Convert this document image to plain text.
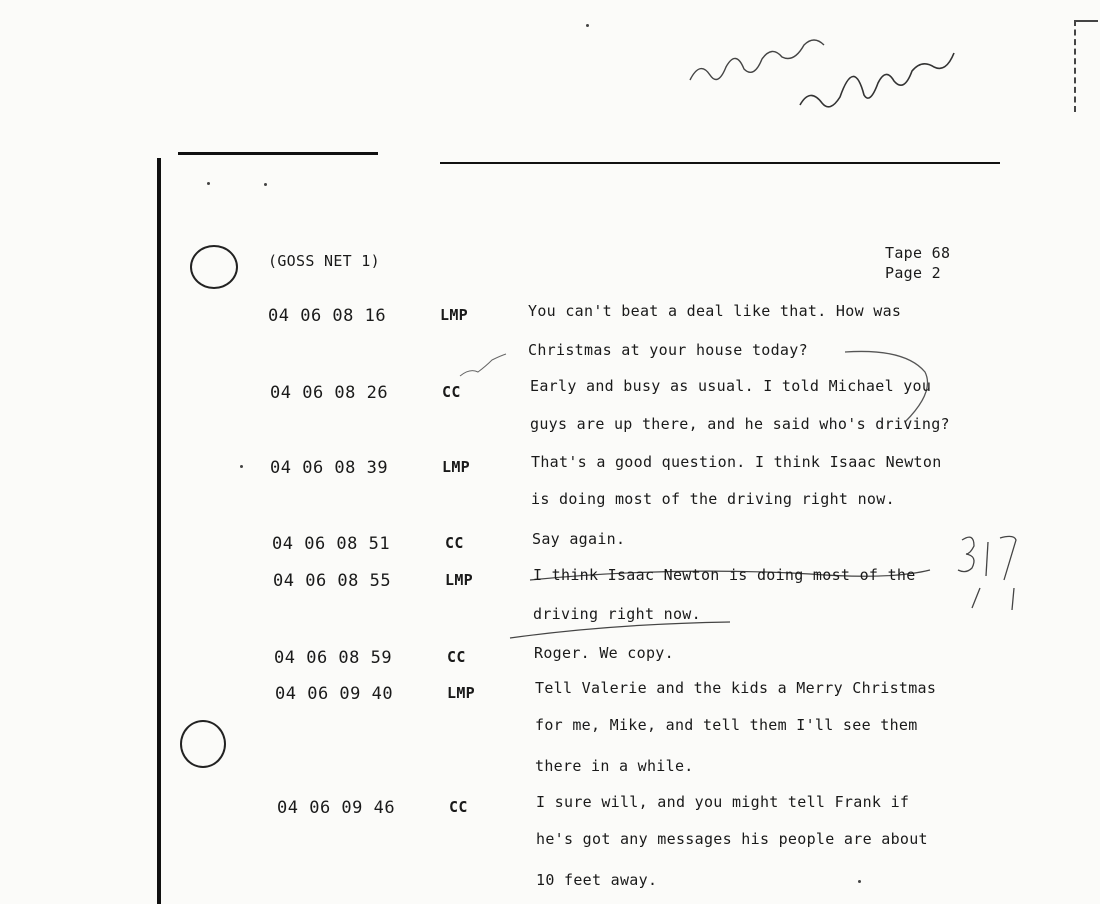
(GOSS NET 1)	Tape 68
Page 2
04 06 08 16	LMP	You can't beat a deal like that. How was
Christmas at your house today?
04 06 08 26	CC	Early and busy as usual. I told Michael you
guys are up there, and he said who's driving?
04 06 08 39	LMP	That's a good question. I think Isaac Newton
is doing most of the driving right now.
04 06 08 51	CC	Say again.
04 06 08 55	LMP	I think Isaac Newton is doing most of the
driving right now.
04 06 08 59	CC	Roger. We copy.
04 06 09 40	LMP	Tell Valerie and the kids a Merry Christmas
for me, Mike, and tell them I'll see them
there in a while.
04 06 09 46	CC	I sure will, and you might tell Frank if
he's got any messages his people are about
10 feet away.
